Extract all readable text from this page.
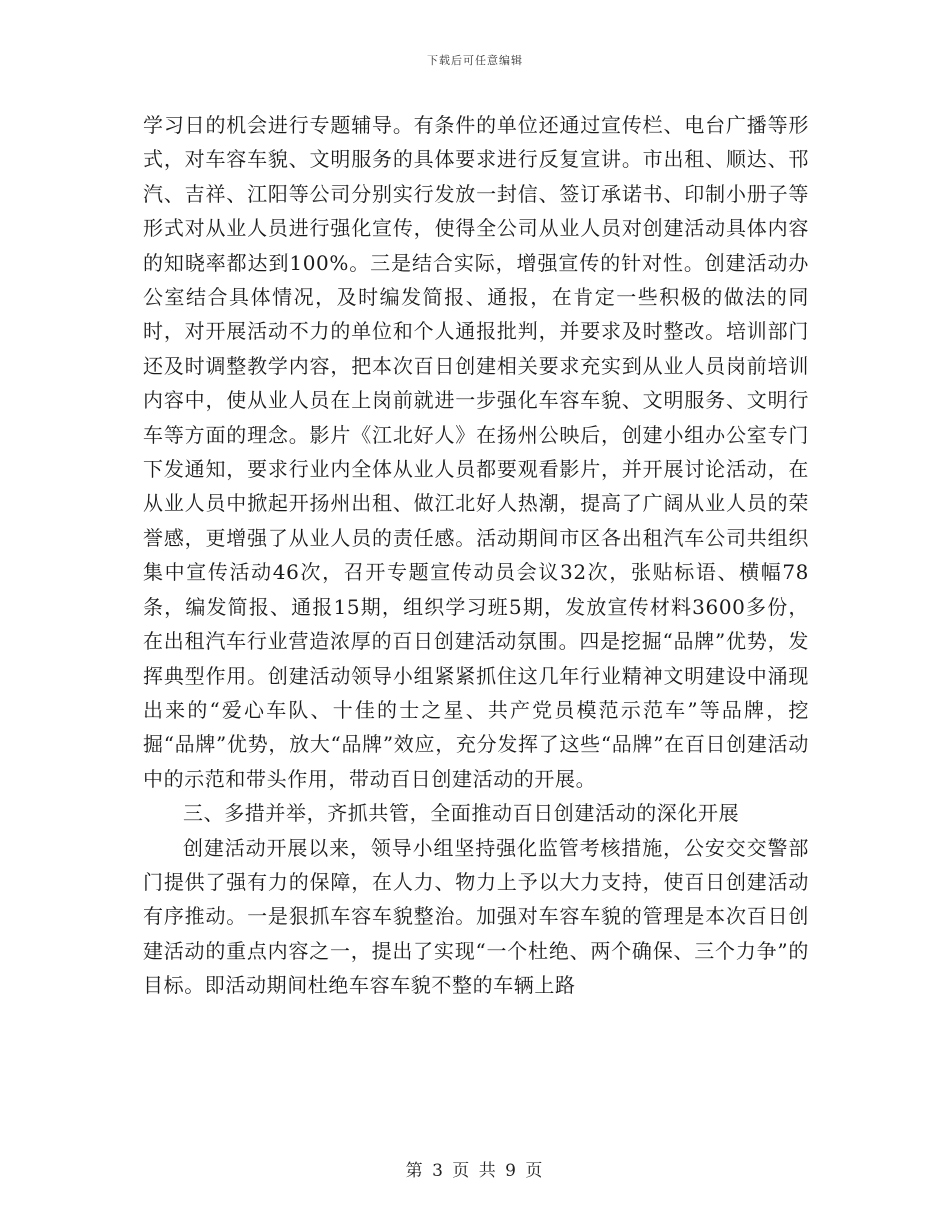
下载后可任意编辑

学习日的机会进行专题辅导。有条件的单位还通过宣传栏、电台广播等形式，对车容车貌、文明服务的具体要求进行反复宣讲。市出租、顺达、邗汽、吉祥、江阳等公司分别实行发放一封信、签订承诺书、印制小册子等形式对从业人员进行强化宣传，使得全公司从业人员对创建活动具体内容的知晓率都达到100%。三是结合实际，增强宣传的针对性。创建活动办公室结合具体情况，及时编发简报、通报，在肯定一些积极的做法的同时，对开展活动不力的单位和个人通报批判，并要求及时整改。培训部门还及时调整教学内容，把本次百日创建相关要求充实到从业人员岗前培训内容中，使从业人员在上岗前就进一步强化车容车貌、文明服务、文明行车等方面的理念。影片《江北好人》在扬州公映后，创建小组办公室专门下发通知，要求行业内全体从业人员都要观看影片，并开展讨论活动，在从业人员中掀起开扬州出租、做江北好人热潮，提高了广阔从业人员的荣誉感，更增强了从业人员的责任感。活动期间市区各出租汽车公司共组织集中宣传活动46次，召开专题宣传动员会议32次，张贴标语、横幅78条，编发简报、通报15期，组织学习班5期，发放宣传材料3600多份，在出租汽车行业营造浓厚的百日创建活动氛围。四是挖掘“品牌”优势，发挥典型作用。创建活动领导小组紧紧抓住这几年行业精神文明建设中涌现出来的“爱心车队、十佳的士之星、共产党员模范示范车”等品牌，挖掘“品牌”优势，放大“品牌”效应，充分发挥了这些“品牌”在百日创建活动中的示范和带头作用，带动百日创建活动的开展。

三、多措并举，齐抓共管，全面推动百日创建活动的深化开展

创建活动开展以来，领导小组坚持强化监管考核措施，公安交交警部门提供了强有力的保障，在人力、物力上予以大力支持，使百日创建活动有序推动。一是狠抓车容车貌整治。加强对车容车貌的管理是本次百日创建活动的重点内容之一，提出了实现“一个杜绝、两个确保、三个力争”的目标。即活动期间杜绝车容车貌不整的车辆上路

第 3 页 共 9 页
